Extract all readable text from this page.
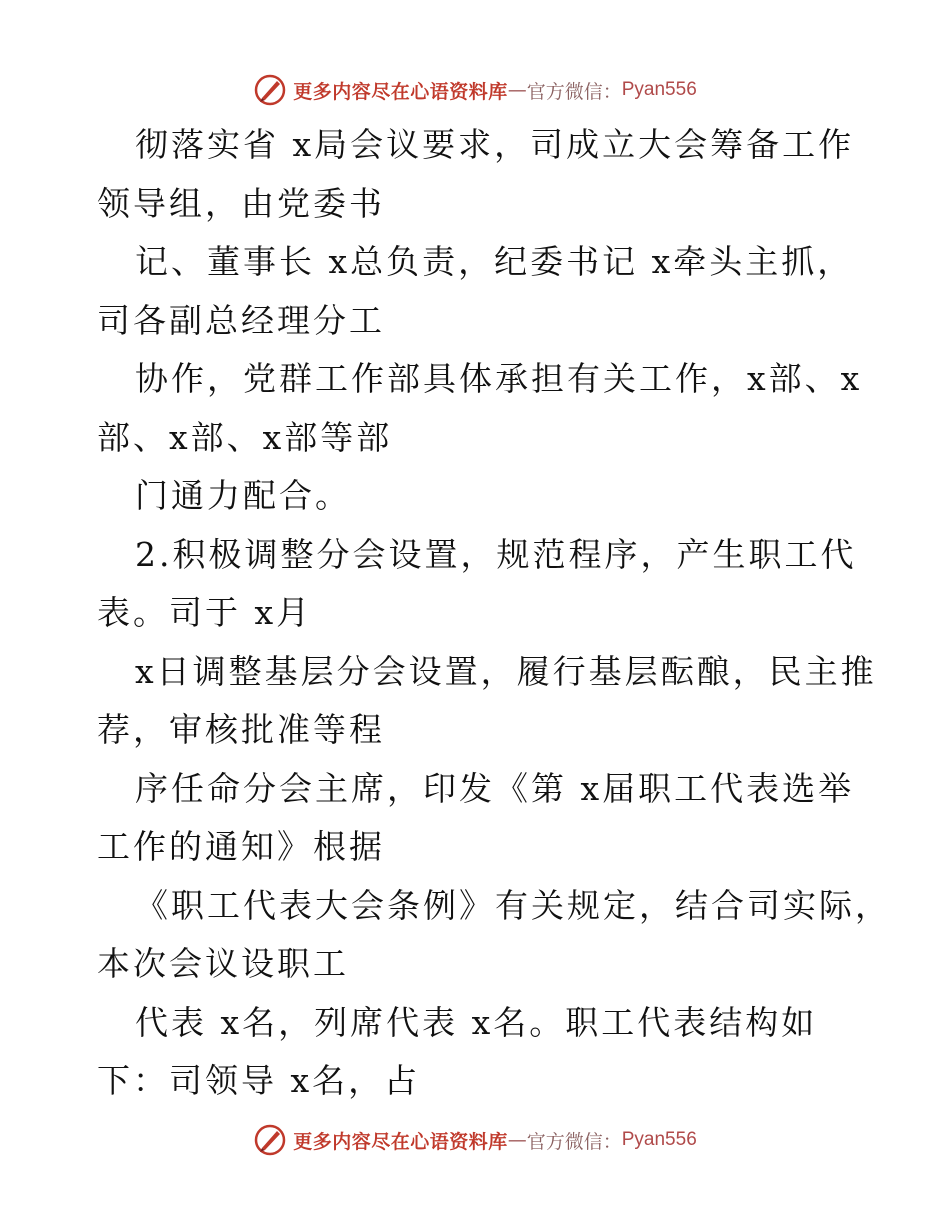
更多内容尽在心语资料库 — 官方微信： Pyan556
彻落实省 x局会议要求，司成立大会筹备工作
领导组，由党委书
记、董事长 x总负责，纪委书记 x牵头主抓，
司各副总经理分工
协作，党群工作部具体承担有关工作，x部、x
部、x部、x部等部
门通力配合。
2.积极调整分会设置，规范程序，产生职工代
表。司于 x月
x日调整基层分会设置，履行基层酝酿，民主推
荐，审核批准等程
序任命分会主席，印发《第 x届职工代表选举
工作的通知》根据
《职工代表大会条例》有关规定，结合司实际，
本次会议设职工
代表 x名，列席代表 x名。职工代表结构如
下：司领导 x名，占
更多内容尽在心语资料库 — 官方微信： Pyan556
